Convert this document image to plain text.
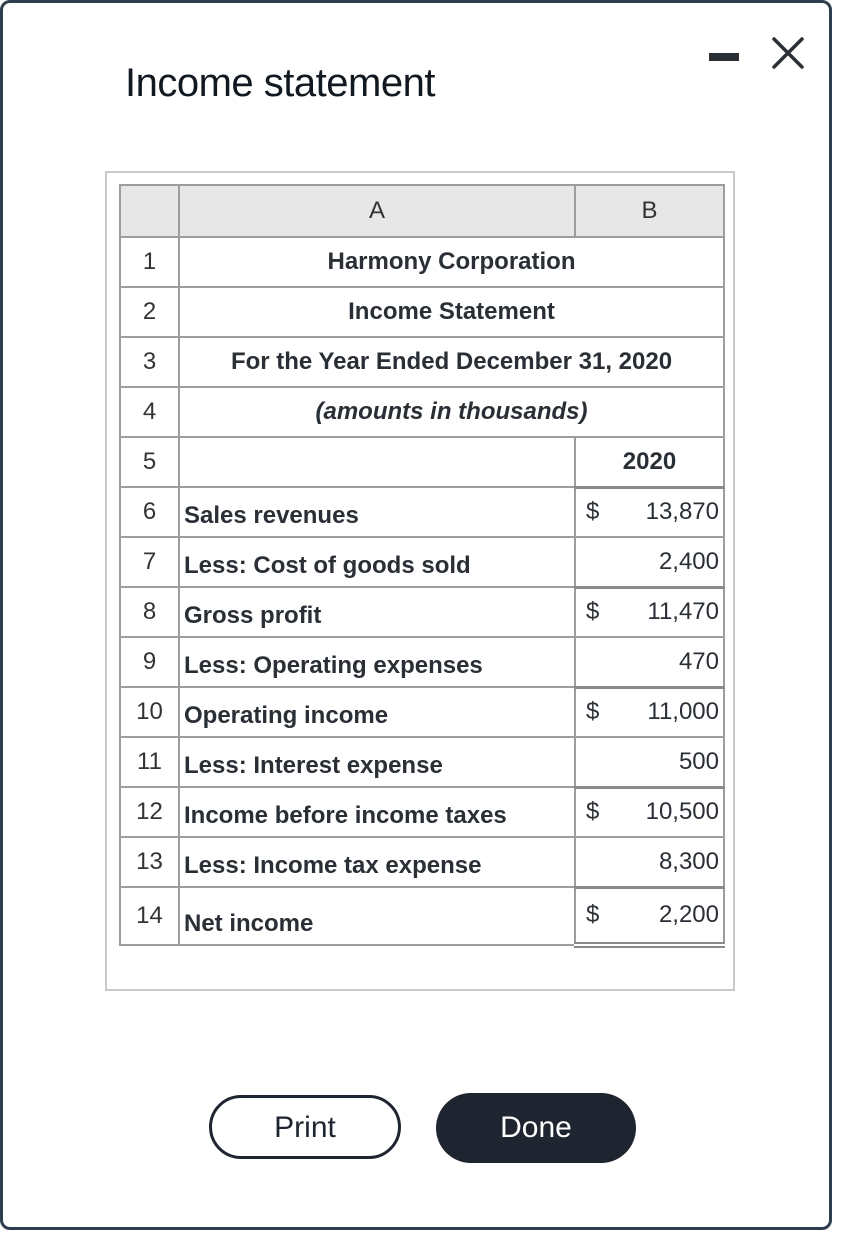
Income statement
	A	B
1	Harmony Corporation	
2	Income Statement	
3	For the Year Ended December 31, 2020	
4	(amounts in thousands)	
5		2020
6	Sales revenues	$ 13,870
7	Less: Cost of goods sold	2,400
8	Gross profit	$ 11,470
9	Less: Operating expenses	470
10	Operating income	$ 11,000
11	Less: Interest expense	500
12	Income before income taxes	$ 10,500
13	Less: Income tax expense	8,300
14	Net income	$ 2,200
Print	Done
